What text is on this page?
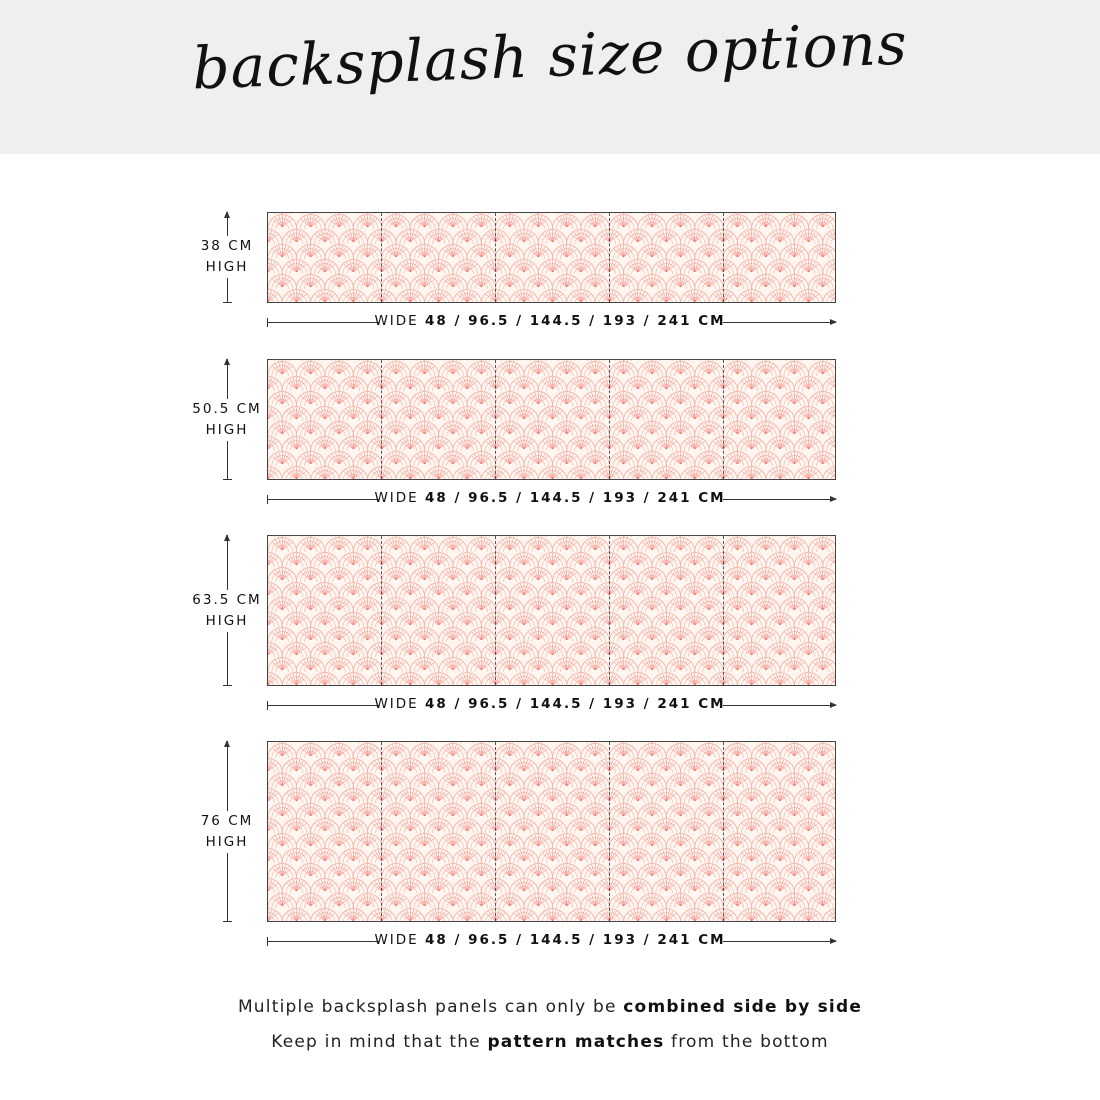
backsplash size options
38 CM
HIGH
WIDE 48 / 96.5 / 144.5 / 193 / 241 CM
50.5 CM
HIGH
WIDE 48 / 96.5 / 144.5 / 193 / 241 CM
63.5 CM
HIGH
WIDE 48 / 96.5 / 144.5 / 193 / 241 CM
76 CM
HIGH
WIDE 48 / 96.5 / 144.5 / 193 / 241 CM
Multiple backsplash panels can only be combined side by side
Keep in mind that the pattern matches from the bottom
